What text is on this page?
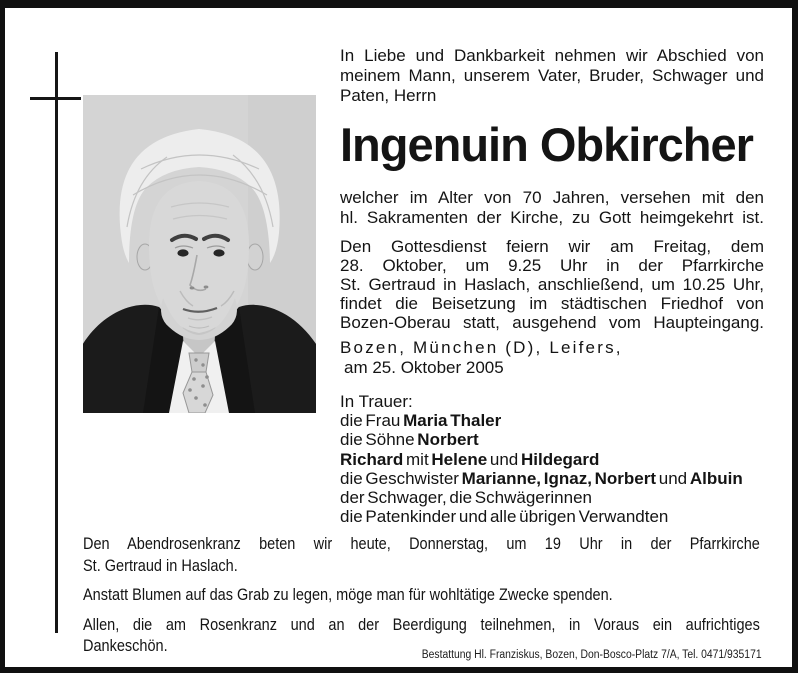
In Liebe und Dankbarkeit nehmen wir Abschied von
meinem Mann, unserem Vater, Bruder, Schwager und
Paten, Herrn
Ingenuin Obkircher
welcher im Alter von 70 Jahren, versehen mit den
hl. Sakramenten der Kirche, zu Gott heimgekehrt ist.
Den Gottesdienst feiern wir am Freitag, dem
28. Oktober, um 9.25 Uhr in der Pfarrkirche
St. Gertraud in Haslach, anschließend, um 10.25 Uhr,
findet die Beisetzung im städtischen Friedhof von
Bozen-Oberau statt, ausgehend vom Haupteingang.
Bozen, München (D), Leifers,
am 25. Oktober 2005
In Trauer:
die Frau Maria Thaler
die Söhne Norbert
Richard mit Helene und Hildegard
die Geschwister Marianne, Ignaz, Norbert und Albuin
der Schwager, die Schwägerinnen
die Patenkinder und alle übrigen Verwandten
Den Abendrosenkranz beten wir heute, Donnerstag, um 19 Uhr in der Pfarrkirche
St. Gertraud in Haslach.
Anstatt Blumen auf das Grab zu legen, möge man für wohltätige Zwecke spenden.
Allen, die am Rosenkranz und an der Beerdigung teilnehmen, in Voraus ein aufrichtiges
Dankeschön.	Bestattung Hl. Franziskus, Bozen, Don-Bosco-Platz 7/A, Tel. 0471/935171
